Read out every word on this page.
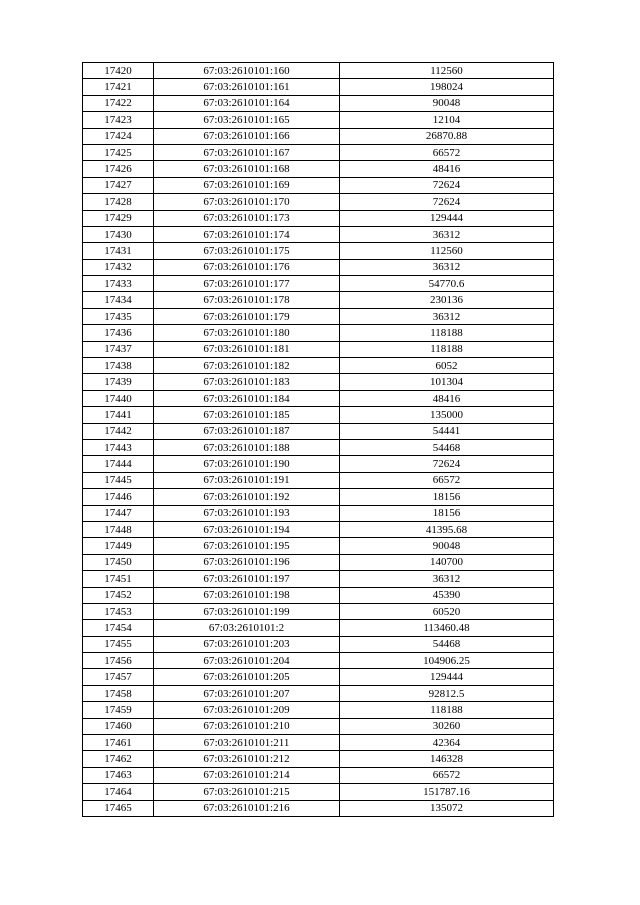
17420	67:03:2610101:160	112560
17421	67:03:2610101:161	198024
17422	67:03:2610101:164	90048
17423	67:03:2610101:165	12104
17424	67:03:2610101:166	26870.88
17425	67:03:2610101:167	66572
17426	67:03:2610101:168	48416
17427	67:03:2610101:169	72624
17428	67:03:2610101:170	72624
17429	67:03:2610101:173	129444
17430	67:03:2610101:174	36312
17431	67:03:2610101:175	112560
17432	67:03:2610101:176	36312
17433	67:03:2610101:177	54770.6
17434	67:03:2610101:178	230136
17435	67:03:2610101:179	36312
17436	67:03:2610101:180	118188
17437	67:03:2610101:181	118188
17438	67:03:2610101:182	6052
17439	67:03:2610101:183	101304
17440	67:03:2610101:184	48416
17441	67:03:2610101:185	135000
17442	67:03:2610101:187	54441
17443	67:03:2610101:188	54468
17444	67:03:2610101:190	72624
17445	67:03:2610101:191	66572
17446	67:03:2610101:192	18156
17447	67:03:2610101:193	18156
17448	67:03:2610101:194	41395.68
17449	67:03:2610101:195	90048
17450	67:03:2610101:196	140700
17451	67:03:2610101:197	36312
17452	67:03:2610101:198	45390
17453	67:03:2610101:199	60520
17454	67:03:2610101:2	113460.48
17455	67:03:2610101:203	54468
17456	67:03:2610101:204	104906.25
17457	67:03:2610101:205	129444
17458	67:03:2610101:207	92812.5
17459	67:03:2610101:209	118188
17460	67:03:2610101:210	30260
17461	67:03:2610101:211	42364
17462	67:03:2610101:212	146328
17463	67:03:2610101:214	66572
17464	67:03:2610101:215	151787.16
17465	67:03:2610101:216	135072
